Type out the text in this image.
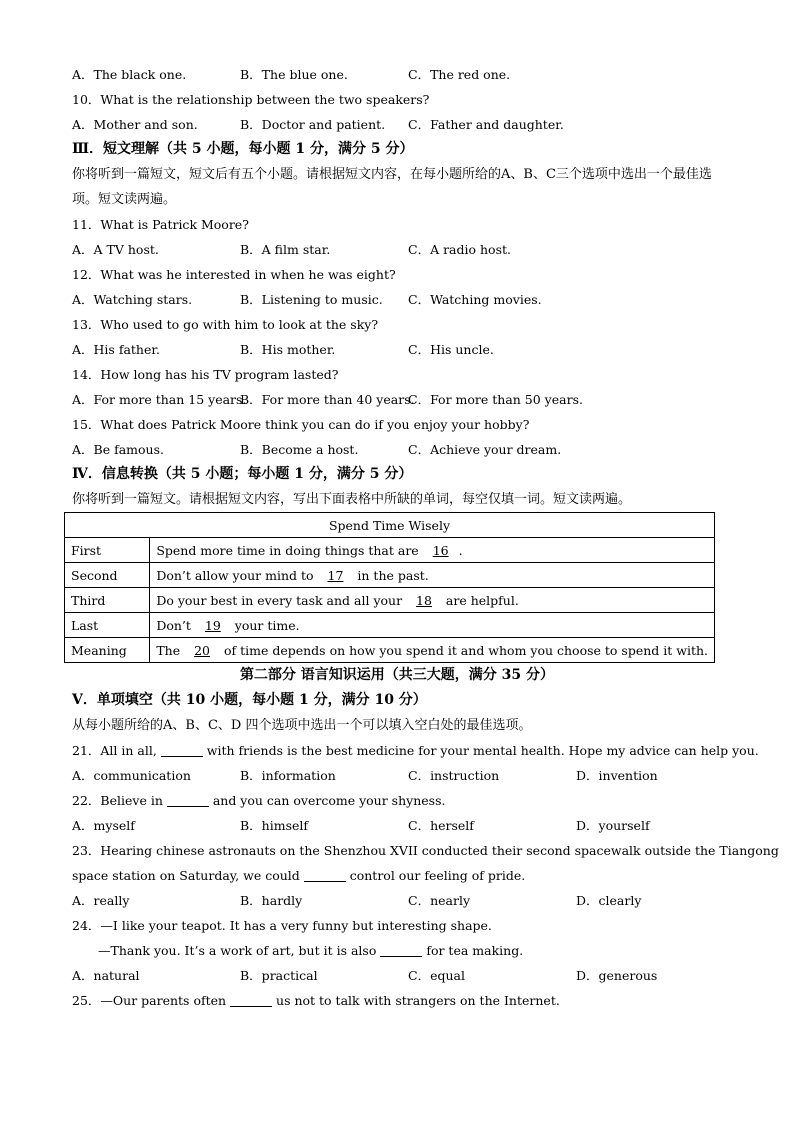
A．The black one.	B．The blue one.	C．The red one.
10．What is the relationship between the two speakers?
A．Mother and son.	B．Doctor and patient. C．Father and daughter.
Ⅲ．短文理解（共 5 小题，每小题 1 分，满分 5 分）
你将听到一篇短文，短文后有五个小题。请根据短文内容，在每小题所给的A、B、C三个选项中选出一个最佳选项。短文读两遍。
11．What is Patrick Moore?
A．A TV host.	B．A film star.	C．A radio host.
12．What was he interested in when he was eight?
A．Watching stars.	B．Listening to music. C．Watching movies.
13．Who used to go with him to look at the sky?
A．His father.	B．His mother.	C．His uncle.
14．How long has his TV program lasted?
A．For more than 15 years.
B．For more than 40 years.
C．For more than 50 years.
15．What does Patrick Moore think you can do if you enjoy your hobby?
A．Be famous.	B．Become a host.	C．Achieve your dream.
Ⅳ．信息转换（共 5 小题；每小题 1 分，满分 5 分）
你将听到一篇短文。请根据短文内容，写出下面表格中所缺的单词，每空仅填一词。短文读两遍。
Spend Time Wisely	
First	Spend more time in doing things that are 16 .
Second	Don’t allow your mind to 17 in the past.
Third	Do your best in every task and all your 18 are helpful.
Last	Don’t 19 your time.
Meaning	The 20 of time depends on how you spend it and whom you choose to spend it with.
第二部分 语言知识运用（共三大题，满分 35 分）
Ⅴ．单项填空（共 10 小题，每小题 1 分，满分 10 分）
从每小题所给的A、B、C、D 四个选项中选出一个可以填入空白处的最佳选项。
21．All in all,	with friends is the best medicine for your mental health. Hope my advice can help you.
A．communication	B．information	C．instruction	D．invention
22．Believe in	and you can overcome your shyness.
A．myself	B．himself	C．herself	D．yourself
23．Hearing chinese astronauts on the Shenzhou XVII conducted their second spacewalk outside the Tiangong
space station on Saturday, we could	control our feeling of pride.
A．really	B．hardly	C．nearly	D．clearly
24．—I like your teapot. It has a very funny but interesting shape.
—Thank you. It’s a work of art, but it is also	for tea making.
A．natural	B．practical	C．equal	D．generous
25．—Our parents often	us not to talk with strangers on the Internet.
